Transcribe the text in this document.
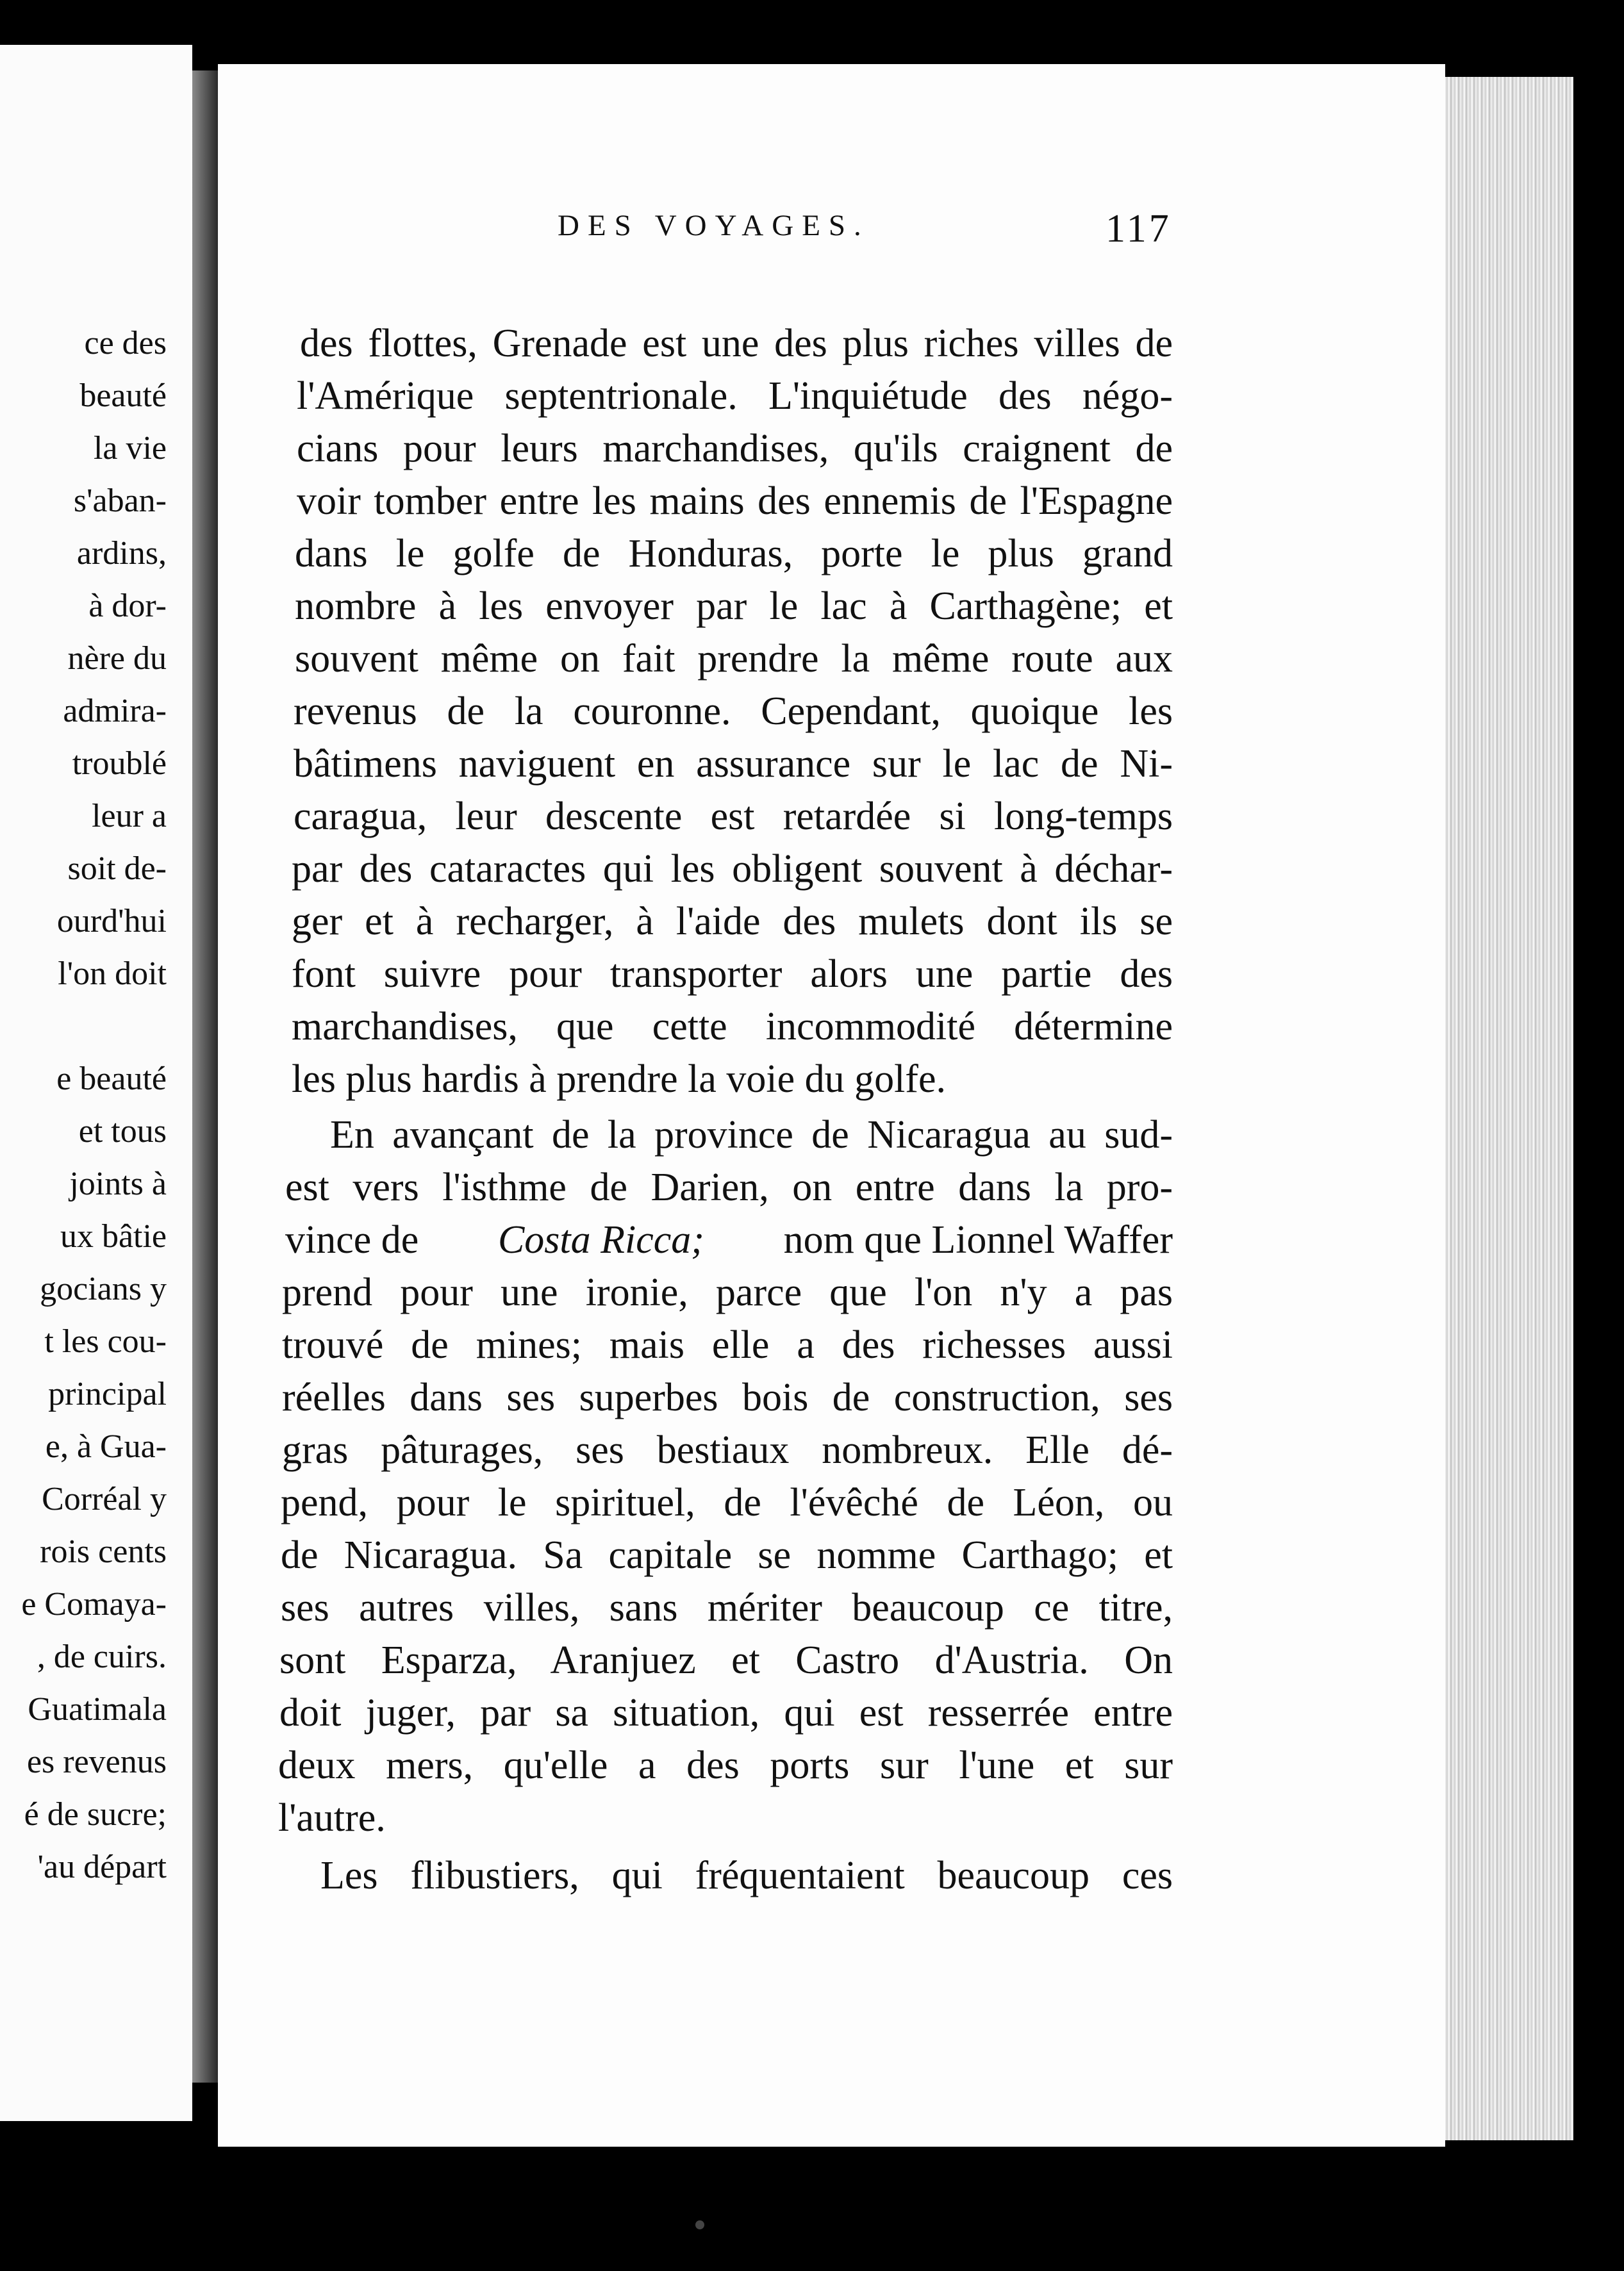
ce des
beauté
la vie
s'aban-
ardins,
à dor-
nère du
admira-
troublé
leur a
soit de-
ourd'hui
l'on doit
e beauté
et tous
joints à
ux bâtie
gocians y
t les cou-
principal
e, à Gua-
Corréal y
rois cents
e Comaya-
, de cuirs.
Guatimala
es revenus
é de sucre;
'au départ
DES VOYAGES.	117
des flottes, Grenade est une des plus riches villes de
l'Amérique septentrionale. L'inquiétude des négo-
cians pour leurs marchandises, qu'ils craignent de
voir tomber entre les mains des ennemis de l'Espagne
dans le golfe de Honduras, porte le plus grand
nombre à les envoyer par le lac à Carthagène; et
souvent même on fait prendre la même route aux
revenus de la couronne. Cependant, quoique les
bâtimens naviguent en assurance sur le lac de Ni-
caragua, leur descente est retardée si long-temps
par des cataractes qui les obligent souvent à déchar-
ger et à recharger, à l'aide des mulets dont ils se
font suivre pour transporter alors une partie des
marchandises, que cette incommodité détermine
les plus hardis à prendre la voie du golfe.
En avançant de la province de Nicaragua au sud-
est vers l'isthme de Darien, on entre dans la pro-
vince de Costa Ricca; nom que Lionnel Waffer
prend pour une ironie, parce que l'on n'y a pas
trouvé de mines; mais elle a des richesses aussi
réelles dans ses superbes bois de construction, ses
gras pâturages, ses bestiaux nombreux. Elle dé-
pend, pour le spirituel, de l'évêché de Léon, ou
de Nicaragua. Sa capitale se nomme Carthago; et
ses autres villes, sans mériter beaucoup ce titre,
sont Esparza, Aranjuez et Castro d'Austria. On
doit juger, par sa situation, qui est resserrée entre
deux mers, qu'elle a des ports sur l'une et sur
l'autre.
Les flibustiers, qui fréquentaient beaucoup ces
